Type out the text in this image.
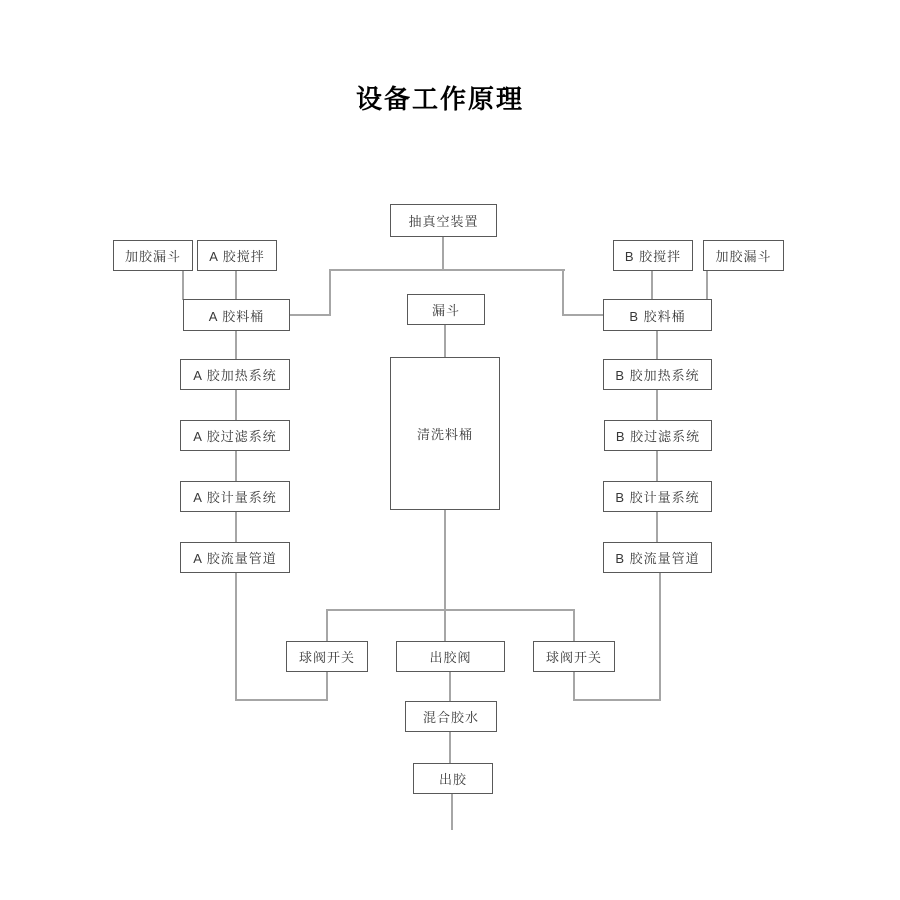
设备工作原理
抽真空装置
加胶漏斗 A 胶搅拌	B 胶搅拌	加胶漏斗
A 胶料桶	漏斗	B 胶料桶
A 胶加热系统
A 胶过滤系统
A 胶计量系统
A 胶流量管道
清洗料桶
B 胶加热系统
B 胶过滤系统
B 胶计量系统
B 胶流量管道
球阀开关	出胶阀	球阀开关
混合胶水
出胶
